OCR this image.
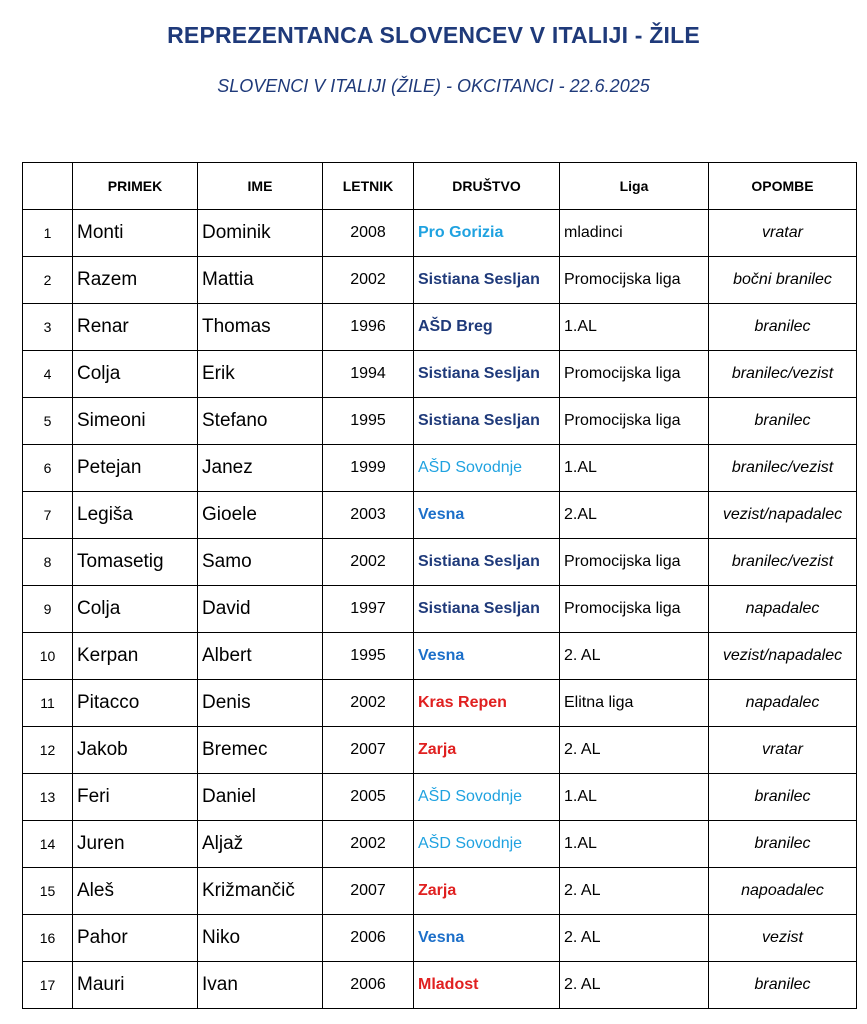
REPREZENTANCA SLOVENCEV V ITALIJI - ŽILE
SLOVENCI V ITALIJI (ŽILE) - OKCITANCI - 22.6.2025
	PRIMEK	IME	LETNIK	DRUŠTVO	Liga	OPOMBE
1	Monti	Dominik	2008	Pro Gorizia	mladinci	vratar
2	Razem	Mattia	2002	Sistiana Sesljan	Promocijska liga	bočni branilec
3	Renar	Thomas	1996	AŠD Breg	1.AL	branilec
4	Colja	Erik	1994	Sistiana Sesljan	Promocijska liga	branilec/vezist
5	Simeoni	Stefano	1995	Sistiana Sesljan	Promocijska liga	branilec
6	Petejan	Janez	1999	AŠD Sovodnje	1.AL	branilec/vezist
7	Legiša	Gioele	2003	Vesna	2.AL	vezist/napadalec
8	Tomasetig	Samo	2002	Sistiana Sesljan	Promocijska liga	branilec/vezist
9	Colja	David	1997	Sistiana Sesljan	Promocijska liga	napadalec
10	Kerpan	Albert	1995	Vesna	2. AL	vezist/napadalec
11	Pitacco	Denis	2002	Kras Repen	Elitna liga	napadalec
12	Jakob	Bremec	2007	Zarja	2. AL	vratar
13	Feri	Daniel	2005	AŠD Sovodnje	1.AL	branilec
14	Juren	Aljaž	2002	AŠD Sovodnje	1.AL	branilec
15	Aleš	Križmančič	2007	Zarja	2. AL	napoadalec
16	Pahor	Niko	2006	Vesna	2. AL	vezist
17	Mauri	Ivan	2006	Mladost	2. AL	branilec
